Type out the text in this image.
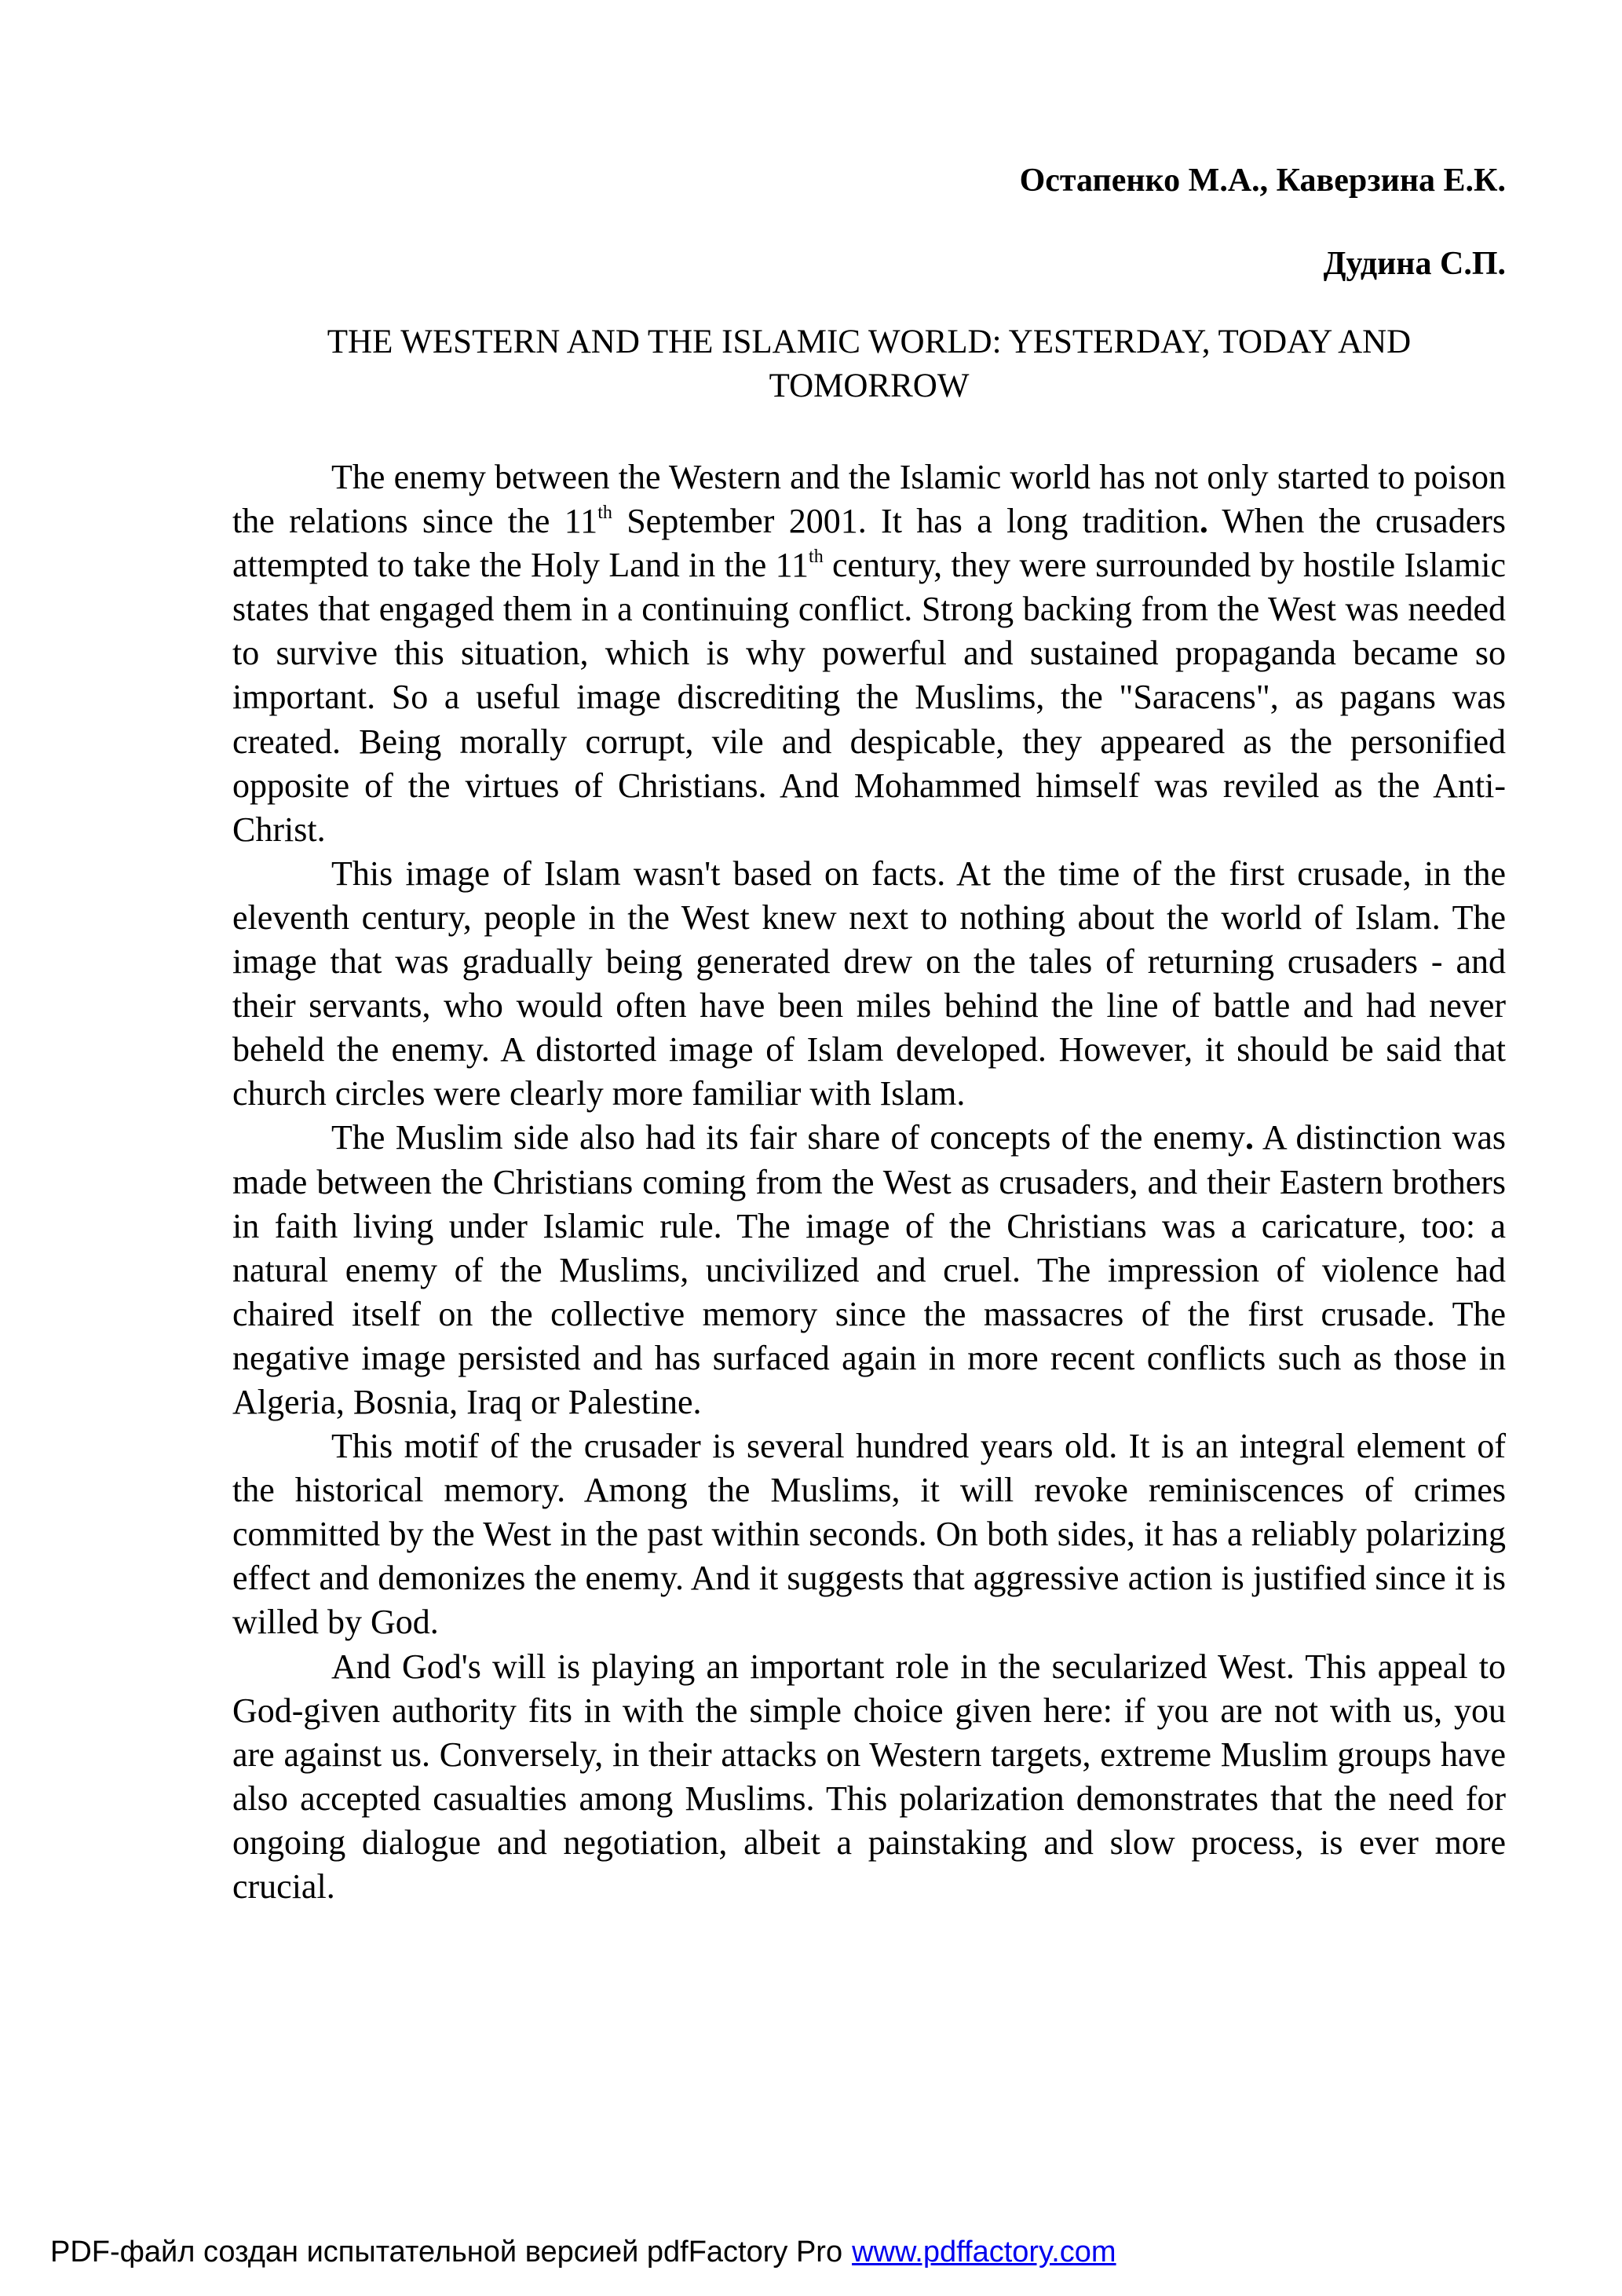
Остапенко М.А., Каверзина Е.К.
Дудина С.П.
THE WESTERN AND THE ISLAMIC WORLD: YESTERDAY, TODAY AND TOMORROW

The enemy between the Western and the Islamic world has not only started to poison the relations since the 11th September 2001. It has a long tradition. When the crusaders attempted to take the Holy Land in the 11th century, they were surrounded by hostile Islamic states that engaged them in a continuing conflict. Strong backing from the West was needed to survive this situation, which is why powerful and sustained propaganda became so important. So a useful image discrediting the Muslims, the "Saracens", as pagans was created. Being morally corrupt, vile and despicable, they appeared as the personified opposite of the virtues of Christians. And Mohammed himself was reviled as the Anti-Christ.

This image of Islam wasn't based on facts. At the time of the first crusade, in the eleventh century, people in the West knew next to nothing about the world of Islam. The image that was gradually being generated drew on the tales of returning crusaders - and their servants, who would often have been miles behind the line of battle and had never beheld the enemy. A distorted image of Islam developed. However, it should be said that church circles were clearly more familiar with Islam.

The Muslim side also had its fair share of concepts of the enemy. A distinction was made between the Christians coming from the West as crusaders, and their Eastern brothers in faith living under Islamic rule. The image of the Christians was a caricature, too: a natural enemy of the Muslims, uncivilized and cruel. The impression of violence had chaired itself on the collective memory since the massacres of the first crusade. The negative image persisted and has surfaced again in more recent conflicts such as those in Algeria, Bosnia, Iraq or Palestine.

This motif of the crusader is several hundred years old. It is an integral element of the historical memory. Among the Muslims, it will revoke reminiscences of crimes committed by the West in the past within seconds. On both sides, it has a reliably polarizing effect and demonizes the enemy. And it suggests that aggressive action is justified since it is willed by God.

And God's will is playing an important role in the secularized West. This appeal to God-given authority fits in with the simple choice given here: if you are not with us, you are against us. Conversely, in their attacks on Western targets, extreme Muslim groups have also accepted casualties among Muslims. This polarization demonstrates that the need for ongoing dialogue and negotiation, albeit a painstaking and slow process, is ever more crucial.

PDF-файл создан испытательной версией pdfFactory Pro www.pdffactory.com
